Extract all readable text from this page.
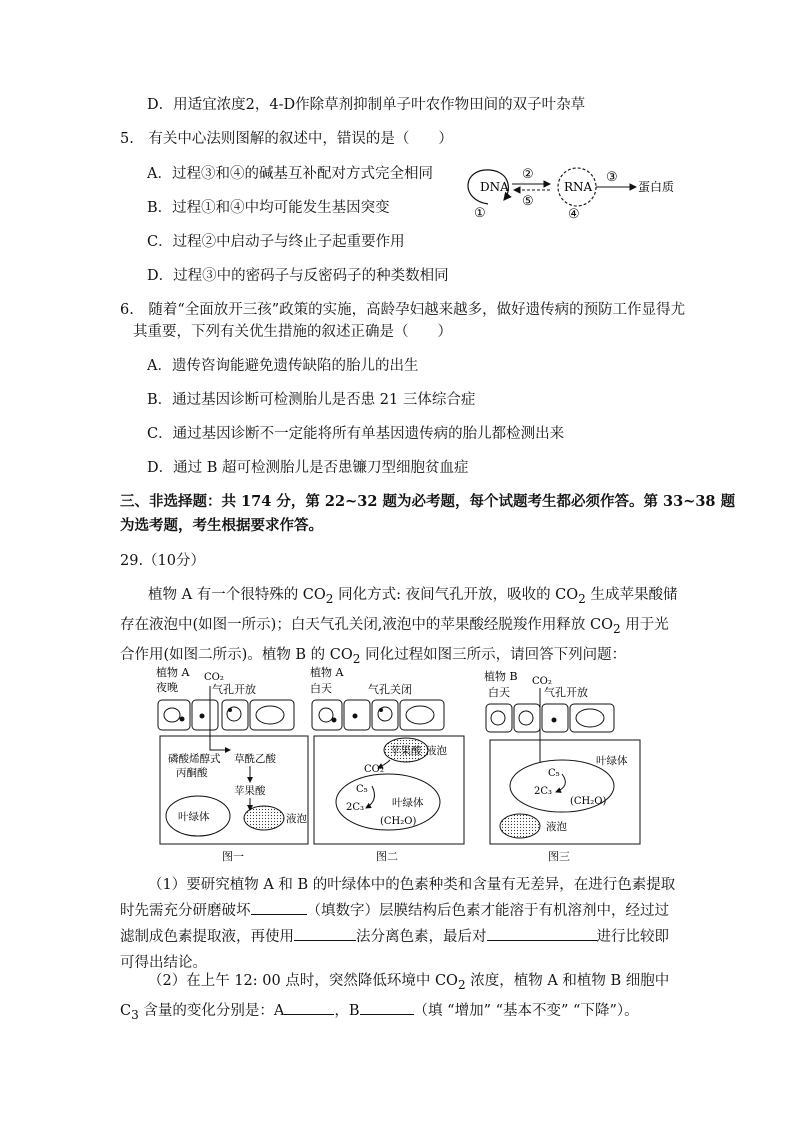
D．用适宜浓度2，4-D作除草剂抑制单子叶农作物田间的双子叶杂草
5.　有关中心法则图解的叙述中，错误的是（　　）
A．过程③和④的碱基互补配对方式完全相同
B．过程①和④中均可能发生基因突变
C．过程②中启动子与终止子起重要作用
D．过程③中的密码子与反密码子的种类数相同
DNA
①
②
⑤
RNA
④
③
蛋白质
6.　随着“全面放开三孩”政策的实施，高龄孕妇越来越多，做好遗传病的预防工作显得尤
其重要，下列有关优生措施的叙述正确是（　　）
A．遗传咨询能避免遗传缺陷的胎儿的出生
B．通过基因诊断可检测胎儿是否患 21 三体综合症
C．通过基因诊断不一定能将所有单基因遗传病的胎儿都检测出来
D．通过 B 超可检测胎儿是否患镰刀型细胞贫血症
三、非选择题：共 174 分，第 22~32 题为必考题，每个试题考生都必须作答。第 33~38 题
为选考题，考生根据要求作答。
29.（10分）
植物 A 有一个很特殊的 $CO_2$ 同化方式: 夜间气孔开放，吸收的 $CO_2$ 生成苹果酸储存在液泡中(如图一所示)；白天气孔关闭,液泡中的苹果酸经脱羧作用释放 $CO_2$ 用于光合作用(如图二所示)。植物 B 的 $CO_2$ 同化过程如图三所示，请回答下列问题：
植物 A
夜晚
CO₂
气孔开放
磷酸烯醇式
丙酮酸
草酰乙酸
苹果酸
叶绿体	液泡
图一
植物 A
白天	气孔关闭
苹果酸 液泡
CO₂
C₅
2C₃	叶绿体
(CH₂O)
图二
植物 B
白天
CO₂
气孔开放
叶绿体
C₅
2C₃
(CH₂O)
液泡
图三
（1）要研究植物 A 和 B 的叶绿体中的色素种类和含量有无差异，在进行色素提取时先需充分研磨破坏	（填数字）层膜结构后色素才能溶于有机溶剂中，经过过滤制成色素提取液，再使用	法分离色素，最后对	进行比较即可得出结论。
（2）在上午 12: 00 点时，突然降低环境中 $CO_2$ 浓度，植物 A 和植物 B 细胞中 $C_3$ 含量的变化分别是：A	，B	（填 “增加” “基本不变” “下降”）。
